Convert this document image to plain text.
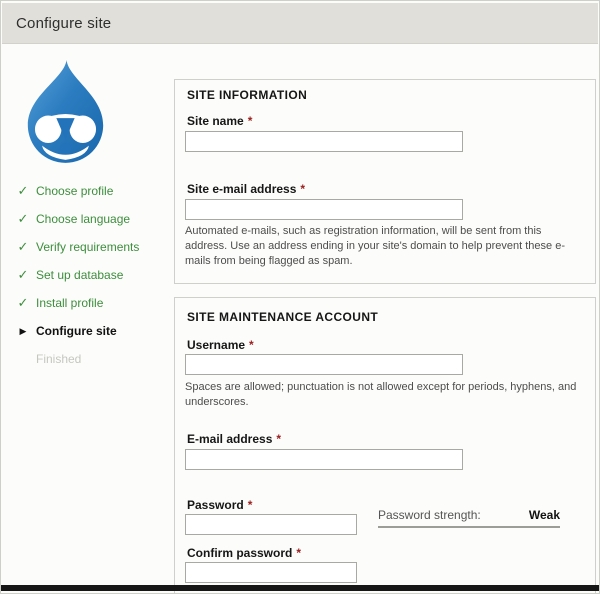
Configure site
✓ Choose profile
✓ Choose language
✓ Verify requirements
✓ Set up database
✓ Install profile
▶ Configure site
Finished
SITE INFORMATION
Site name *
Site e-mail address *

Automated e-mails, such as registration information, will be sent from this address. Use an address ending in your site's domain to help prevent these e-mails from being flagged as spam.

SITE MAINTENANCE ACCOUNT
Username *

Spaces are allowed; punctuation is not allowed except for periods, hyphens, and underscores.

E-mail address *
Password *
Password strength:	Weak
Confirm password *
